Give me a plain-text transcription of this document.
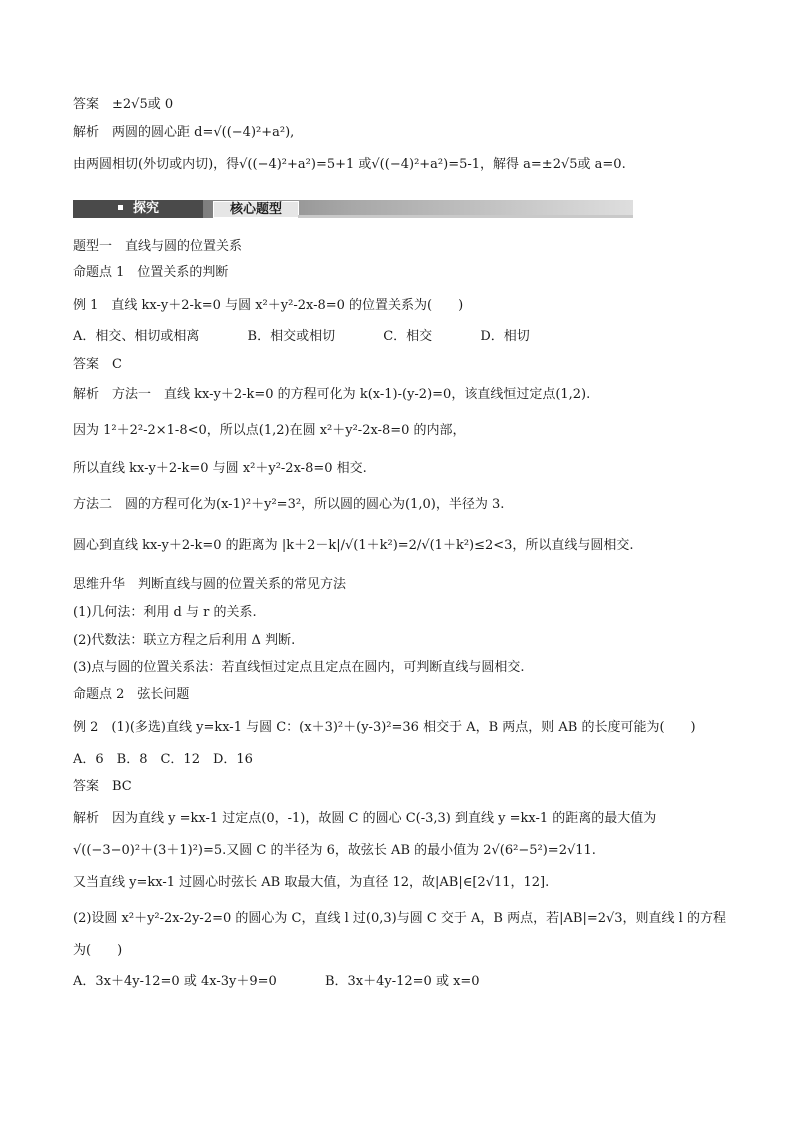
答案　±2√5或 0
解析　两圆的圆心距 d=√((−4)²+a²),
由两圆相切(外切或内切)，得√((−4)²+a²)=5+1 或√((−4)²+a²)=5-1，解得 a=±2√5或 a=0.
探究	核心题型
题型一　直线与圆的位置关系
命题点 1　位置关系的判断
例 1　直线 kx-y＋2-k=0 与圆 x²＋y²-2x-8=0 的位置关系为(　　)
A．相交、相切或相离	B．相交或相切	C．相交	D．相切
答案　C
解析　方法一　直线 kx-y＋2-k=0 的方程可化为 k(x-1)-(y-2)=0，该直线恒过定点(1,2).
因为 1²＋2²-2×1-8<0，所以点(1,2)在圆 x²＋y²-2x-8=0 的内部，
所以直线 kx-y＋2-k=0 与圆 x²＋y²-2x-8=0 相交.
方法二　圆的方程可化为(x-1)²＋y²=3²，所以圆的圆心为(1,0)，半径为 3.
圆心到直线 kx-y＋2-k=0 的距离为 |k＋2－k|/√(1＋k²)=2/√(1＋k²)≤2<3，所以直线与圆相交.
思维升华　判断直线与圆的位置关系的常见方法
(1)几何法：利用 d 与 r 的关系.
(2)代数法：联立方程之后利用 Δ 判断.
(3)点与圆的位置关系法：若直线恒过定点且定点在圆内，可判断直线与圆相交.
命题点 2　弦长问题
例 2　(1)(多选)直线 y=kx-1 与圆 C：(x＋3)²＋(y-3)²=36 相交于 A，B 两点，则 AB 的长度可能为(　　)
A．6　B．8　C．12　D．16
答案　BC
解析　因为直线 y =kx-1 过定点(0，-1)，故圆 C 的圆心 C(-3,3) 到直线 y =kx-1 的距离的最大值为
√((−3−0)²＋(3＋1)²)=5.又圆 C 的半径为 6，故弦长 AB 的最小值为 2√(6²−5²)=2√11.
又当直线 y=kx-1 过圆心时弦长 AB 取最大值，为直径 12，故|AB|∈[2√11，12].
(2)设圆 x²＋y²-2x-2y-2=0 的圆心为 C，直线 l 过(0,3)与圆 C 交于 A，B 两点，若|AB|=2√3，则直线 l 的方程
为(　　)
A．3x＋4y-12=0 或 4x-3y＋9=0	B．3x＋4y-12=0 或 x=0
